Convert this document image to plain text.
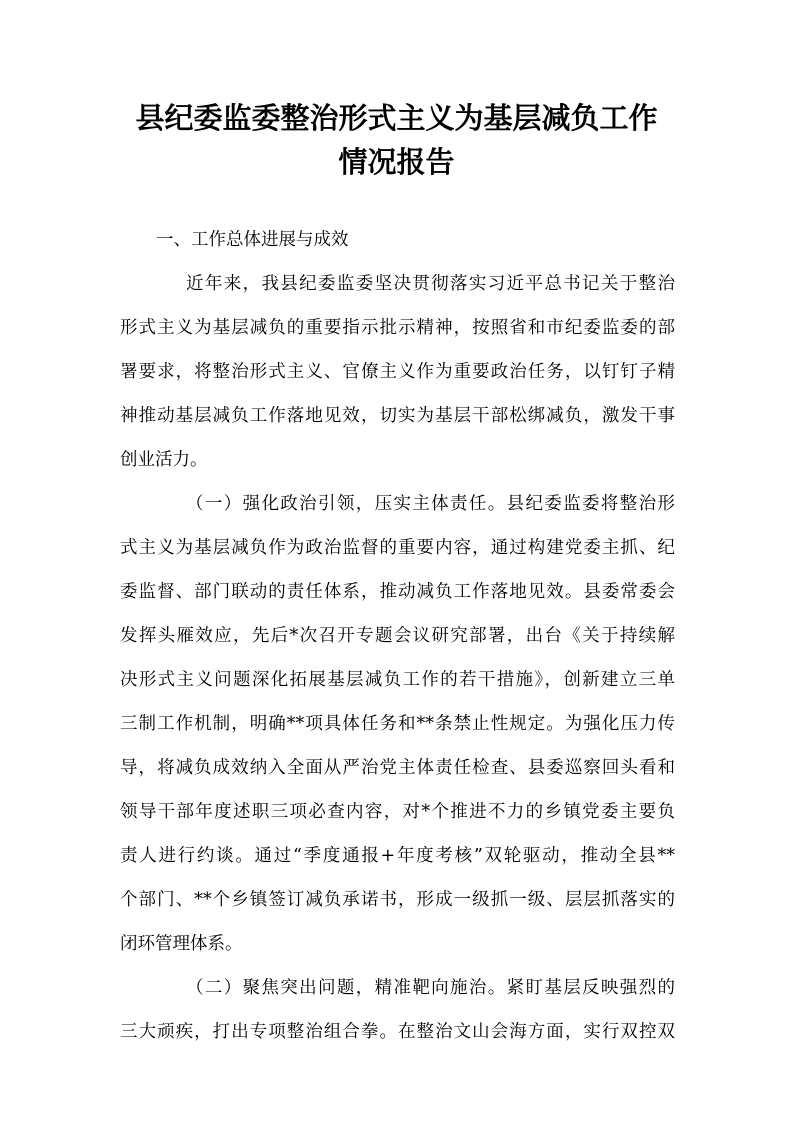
县纪委监委整治形式主义为基层减负工作
情况报告
一、工作总体进展与成效
近年来，我县纪委监委坚决贯彻落实习近平总书记关于整治
形式主义为基层减负的重要指示批示精神，按照省和市纪委监委的部
署要求，将整治形式主义、官僚主义作为重要政治任务，以钉钉子精
神推动基层减负工作落地见效，切实为基层干部松绑减负，激发干事
创业活力。
（一）强化政治引领，压实主体责任。县纪委监委将整治形
式主义为基层减负作为政治监督的重要内容，通过构建党委主抓、纪
委监督、部门联动的责任体系，推动减负工作落地见效。县委常委会
发挥头雁效应，先后*次召开专题会议研究部署，出台《关于持续解
决形式主义问题深化拓展基层减负工作的若干措施》，创新建立三单
三制工作机制，明确**项具体任务和**条禁止性规定。为强化压力传
导，将减负成效纳入全面从严治党主体责任检查、县委巡察回头看和
领导干部年度述职三项必查内容，对*个推进不力的乡镇党委主要负
责人进行约谈。通过“季度通报+年度考核”双轮驱动，推动全县**
个部门、**个乡镇签订减负承诺书，形成一级抓一级、层层抓落实的
闭环管理体系。
（二）聚焦突出问题，精准靶向施治。紧盯基层反映强烈的
三大顽疾，打出专项整治组合拳。在整治文山会海方面，实行双控双
